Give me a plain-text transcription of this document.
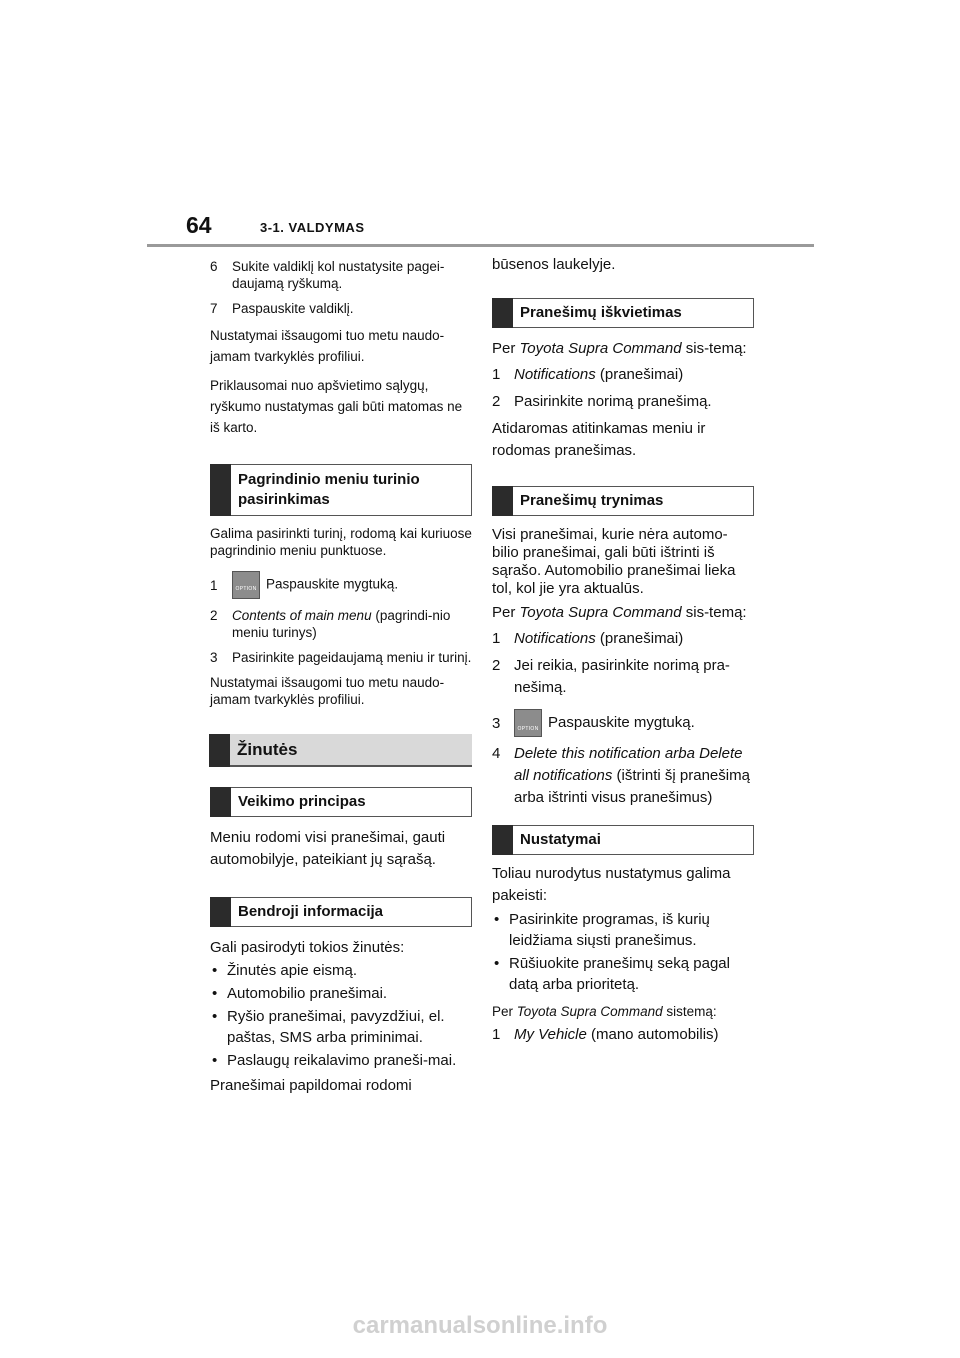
64	3-1. VALDYMAS
6	Sukite valdiklį kol nustatysite pagei-daujamą ryškumą.
7	Paspauskite valdiklį.

Nustatymai išsaugomi tuo metu naudo-jamam tvarkyklės profiliui.

Priklausomai nuo apšvietimo sąlygų, ryškumo nustatymas gali būti matomas ne iš karto.

Pagrindinio meniu turinio pasirinkimas

Galima pasirinkti turinį, rodomą kai kuriuose pagrindinio meniu punktuose.

1	OPTION Paspauskite mygtuką.
2	Contents of main menu (pagrindi-nio meniu turinys)
3	Pasirinkite pageidaujamą meniu ir turinį.

Nustatymai išsaugomi tuo metu naudo-jamam tvarkyklės profiliui.

Žinutės
Veikimo principas

Meniu rodomi visi pranešimai, gauti automobilyje, pateikiant jų sąrašą.

Bendroji informacija

Gali pasirodyti tokios žinutės:

• Žinutės apie eismą.
• Automobilio pranešimai.
• Ryšio pranešimai, pavyzdžiui, el. paštas, SMS arba priminimai.
• Paslaugų reikalavimo praneši-mai.

Pranešimai papildomai rodomi

būsenos laukelyje.

Pranešimų iškvietimas

Per Toyota Supra Command sis-temą:

1 Notifications (pranešimai)
2 Pasirinkite norimą pranešimą.

Atidaromas atitinkamas meniu ir rodomas pranešimas.

Pranešimų trynimas

Visi pranešimai, kurie nėra automo-bilio pranešimai, gali būti ištrinti iš sąrašo. Automobilio pranešimai lieka tol, kol jie yra aktualūs.

Per Toyota Supra Command sis-temą:

1 Notifications (pranešimai)
2 Jei reikia, pasirinkite norimą pra-nešimą.
3	OPTION Paspauskite mygtuką.
4 Delete this notification arba Delete all notifications (ištrinti šį pranešimą arba ištrinti visus pranešimus)
Nustatymai

Toliau nurodytus nustatymus galima pakeisti:

• Pasirinkite programas, iš kurių leidžiama siųsti pranešimus.
• Rūšiuokite pranešimų seką pagal datą arba prioritetą.

Per Toyota Supra Command sistemą:

1 My Vehicle (mano automobilis)
carmanualsonline.info
